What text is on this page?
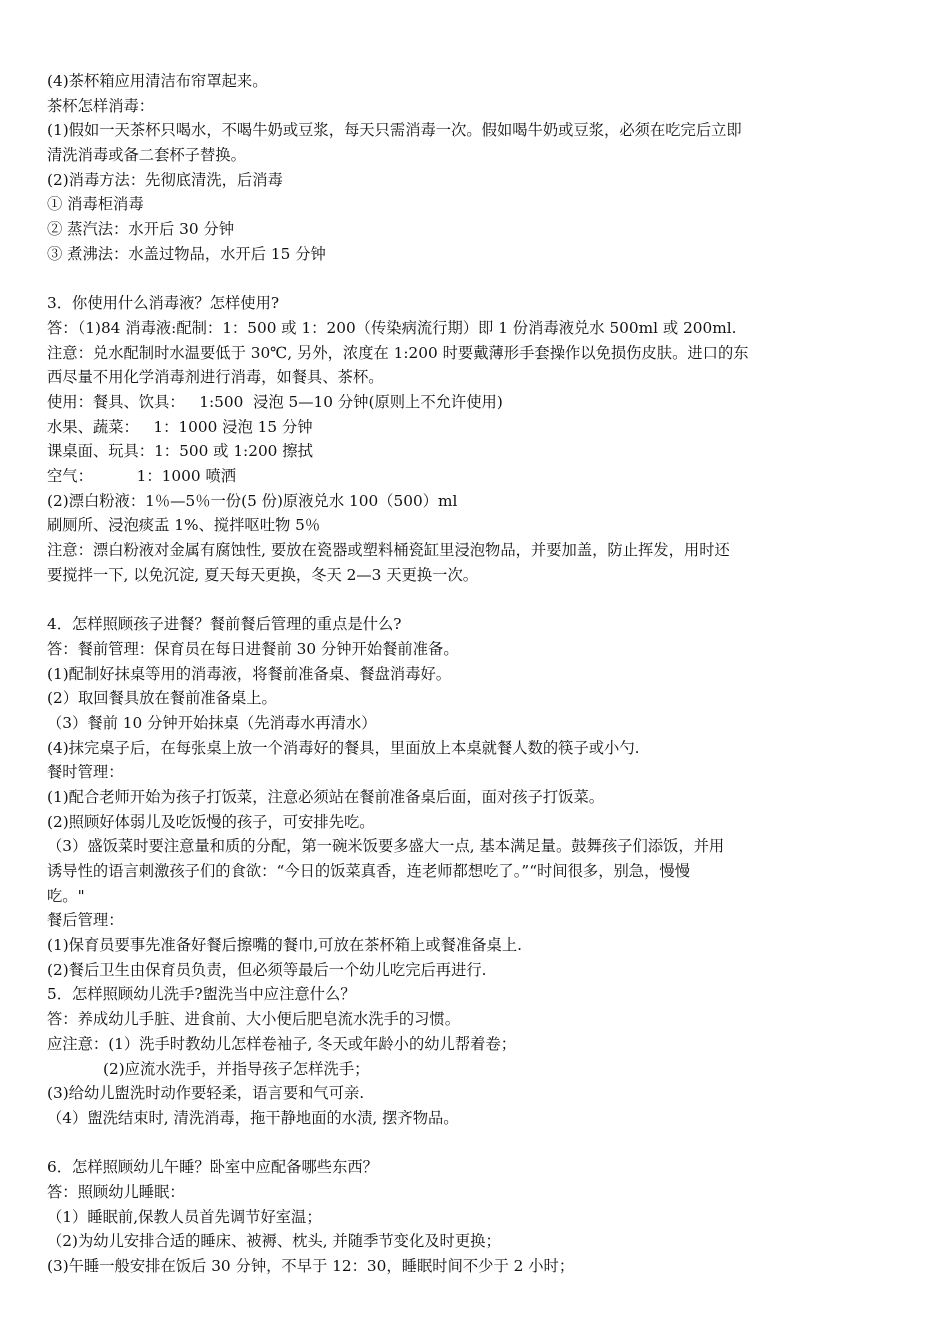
(4)茶杯箱应用清洁布帘罩起来。

茶杯怎样消毒：

(1)假如一天茶杯只喝水，不喝牛奶或豆浆，每天只需消毒一次。假如喝牛奶或豆浆，必须在吃完后立即

清洗消毒或备二套杯子替换。

(2)消毒方法：先彻底清洗，后消毒

① 消毒柜消毒

② 蒸汽法：水开后 30 分钟

③ 煮沸法：水盖过物品，水开后 15 分钟

3．你使用什么消毒液？怎样使用?

答：（1)84 消毒液:配制：1：500 或 1：200（传染病流行期）即 1 份消毒液兑水 500ml 或 200ml.

注意：兑水配制时水温要低于 30℃, 另外，浓度在 1:200 时要戴薄形手套操作以免损伤皮肤。进口的东

西尽量不用化学消毒剂进行消毒，如餐具、茶杯。

使用：餐具、饮具：   1:500  浸泡 5—10 分钟(原则上不允许使用)

水果、蔬菜：   1：1000 浸泡 15 分钟

课桌面、玩具：1：500 或 1:200 擦拭

空气：         1：1000 喷洒

(2)漂白粉液：1％—5％一份(5 份)原液兑水 100（500）ml

刷厕所、浸泡痰盂 1%、搅拌呕吐物 5％

注意：漂白粉液对金属有腐蚀性, 要放在瓷器或塑料桶瓷缸里浸泡物品，并要加盖，防止挥发，用时还

要搅拌一下, 以免沉淀, 夏天每天更换，冬天 2—3 天更换一次。

4．怎样照顾孩子进餐？餐前餐后管理的重点是什么?

答：餐前管理：保育员在每日进餐前 30 分钟开始餐前准备。

(1)配制好抹桌等用的消毒液，将餐前准备桌、餐盘消毒好。

(2）取回餐具放在餐前准备桌上。

（3）餐前 10 分钟开始抹桌（先消毒水再清水）

(4)抹完桌子后，在每张桌上放一个消毒好的餐具，里面放上本桌就餐人数的筷子或小勺.

餐时管理：

(1)配合老师开始为孩子打饭菜，注意必须站在餐前准备桌后面，面对孩子打饭菜。

(2)照顾好体弱儿及吃饭慢的孩子，可安排先吃。

（3）盛饭菜时要注意量和质的分配，第一碗米饭要多盛大一点, 基本满足量。鼓舞孩子们添饭，并用

诱导性的语言刺激孩子们的食欲：“今日的饭菜真香，连老师都想吃了。”“时间很多，别急，慢慢

吃。"

餐后管理：

(1)保育员要事先准备好餐后擦嘴的餐巾,可放在茶杯箱上或餐准备桌上.

(2)餐后卫生由保育员负责，但必须等最后一个幼儿吃完后再进行.

5．怎样照顾幼儿洗手?盥洗当中应注意什么？

答：养成幼儿手脏、进食前、大小便后肥皂流水洗手的习惯。

应注意：(1）洗手时教幼儿怎样卷袖子, 冬天或年龄小的幼儿帮着卷；

(2)应流水洗手，并指导孩子怎样洗手；

(3)给幼儿盥洗时动作要轻柔，语言要和气可亲.

（4）盥洗结束时, 清洗消毒，拖干静地面的水渍, 摆齐物品。

6．怎样照顾幼儿午睡？卧室中应配备哪些东西？

答：照顾幼儿睡眠：

（1）睡眠前,保教人员首先调节好室温；

（2)为幼儿安排合适的睡床、被褥、枕头, 并随季节变化及时更换；

(3)午睡一般安排在饭后 30 分钟，不早于 12：30，睡眠时间不少于 2 小时；
